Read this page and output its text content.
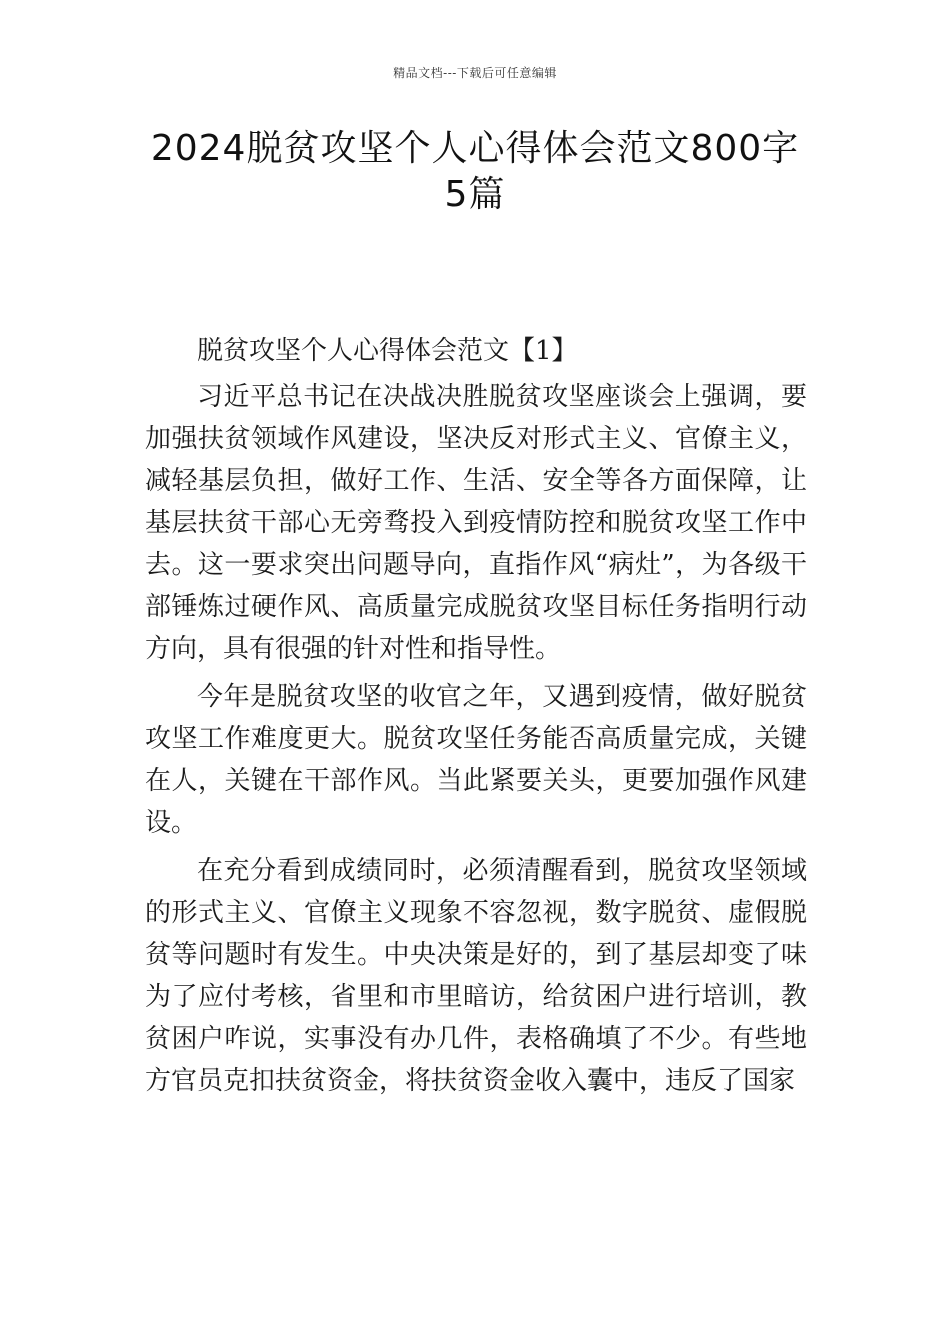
精品文档---下载后可任意编辑
2024脱贫攻坚个人心得体会范文800字
5篇

脱贫攻坚个人心得体会范文【1】

习近平总书记在决战决胜脱贫攻坚座谈会上强调，要加强扶贫领域作风建设，坚决反对形式主义、官僚主义，减轻基层负担，做好工作、生活、安全等各方面保障，让基层扶贫干部心无旁骛投入到疫情防控和脱贫攻坚工作中去。这一要求突出问题导向，直指作风“病灶”，为各级干部锤炼过硬作风、高质量完成脱贫攻坚目标任务指明行动方向，具有很强的针对性和指导性。

今年是脱贫攻坚的收官之年，又遇到疫情，做好脱贫攻坚工作难度更大。脱贫攻坚任务能否高质量完成，关键在人，关键在干部作风。当此紧要关头，更要加强作风建设。

在充分看到成绩同时，必须清醒看到，脱贫攻坚领域的形式主义、官僚主义现象不容忽视，数字脱贫、虚假脱贫等问题时有发生。中央决策是好的，到了基层却变了味为了应付考核，省里和市里暗访，给贫困户进行培训，教贫困户咋说，实事没有办几件，表格确填了不少。有些地方官员克扣扶贫资金，将扶贫资金收入囊中，违反了国家
